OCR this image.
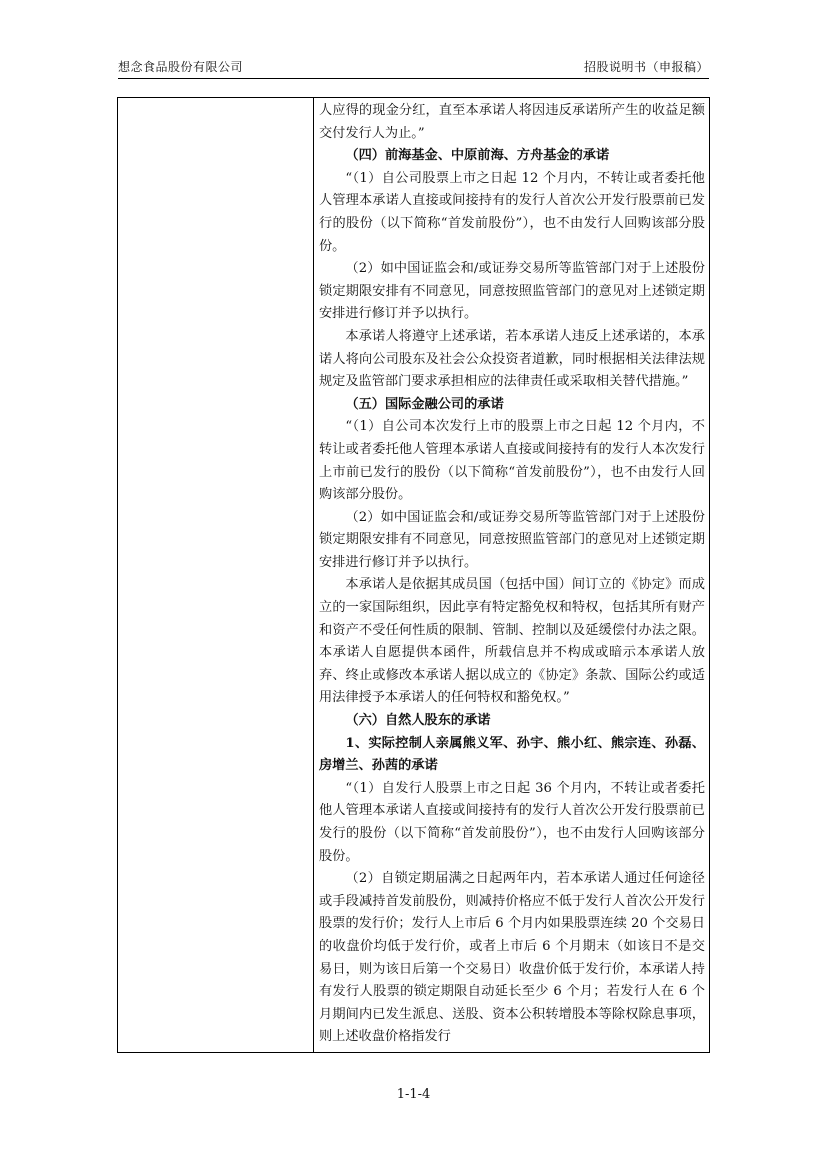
想念食品股份有限公司	招股说明书（申报稿）

人应得的现金分红，直至本承诺人将因违反承诺所产生的收益足额交付发行人为止。”

（四）前海基金、中原前海、方舟基金的承诺

“（1）自公司股票上市之日起 12 个月内，不转让或者委托他人管理本承诺人直接或间接持有的发行人首次公开发行股票前已发行的股份（以下简称“首发前股份”），也不由发行人回购该部分股份。

（2）如中国证监会和/或证券交易所等监管部门对于上述股份锁定期限安排有不同意见，同意按照监管部门的意见对上述锁定期安排进行修订并予以执行。

本承诺人将遵守上述承诺，若本承诺人违反上述承诺的，本承诺人将向公司股东及社会公众投资者道歉，同时根据相关法律法规规定及监管部门要求承担相应的法律责任或采取相关替代措施。”

（五）国际金融公司的承诺

“（1）自公司本次发行上市的股票上市之日起 12 个月内，不转让或者委托他人管理本承诺人直接或间接持有的发行人本次发行上市前已发行的股份（以下简称“首发前股份”），也不由发行人回购该部分股份。

（2）如中国证监会和/或证券交易所等监管部门对于上述股份锁定期限安排有不同意见，同意按照监管部门的意见对上述锁定期安排进行修订并予以执行。

本承诺人是依据其成员国（包括中国）间订立的《协定》而成立的一家国际组织，因此享有特定豁免权和特权，包括其所有财产和资产不受任何性质的限制、管制、控制以及延缓偿付办法之限。本承诺人自愿提供本函件，所载信息并不构成或暗示本承诺人放弃、终止或修改本承诺人据以成立的《协定》条款、国际公约或适用法律授予本承诺人的任何特权和豁免权。”

（六）自然人股东的承诺

1、实际控制人亲属熊义军、孙宇、熊小红、熊宗连、孙磊、房增兰、孙茜的承诺

“（1）自发行人股票上市之日起 36 个月内，不转让或者委托他人管理本承诺人直接或间接持有的发行人首次公开发行股票前已发行的股份（以下简称“首发前股份”），也不由发行人回购该部分股份。

（2）自锁定期届满之日起两年内，若本承诺人通过任何途径或手段减持首发前股份，则减持价格应不低于发行人首次公开发行股票的发行价；发行人上市后 6 个月内如果股票连续 20 个交易日的收盘价均低于发行价，或者上市后 6 个月期末（如该日不是交易日，则为该日后第一个交易日）收盘价低于发行价，本承诺人持有发行人股票的锁定期限自动延长至少 6 个月；若发行人在 6 个月期间内已发生派息、送股、资本公积转增股本等除权除息事项，则上述收盘价格指发行

1-1-4
